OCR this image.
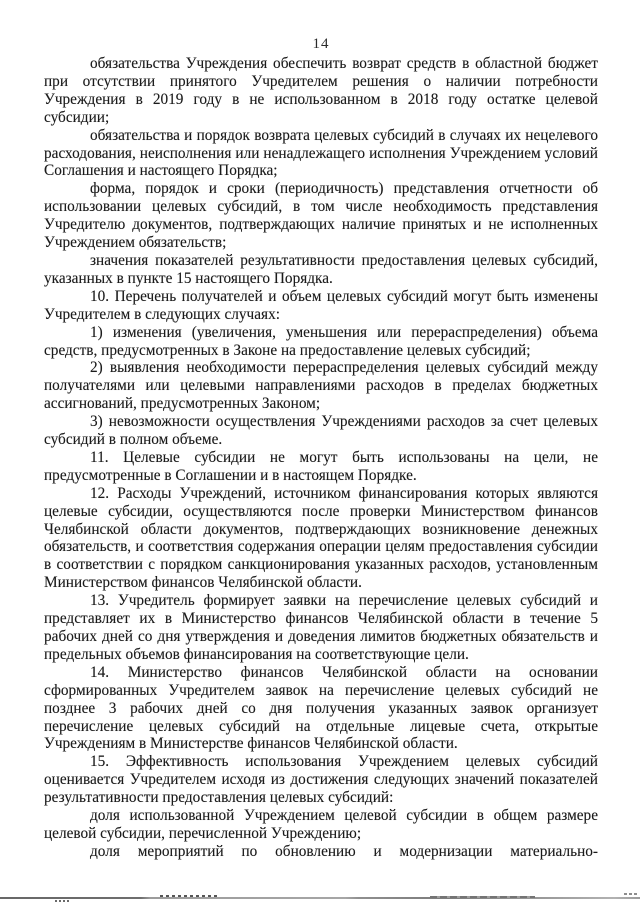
14

обязательства Учреждения обеспечить возврат средств в областной бюджет при отсутствии принятого Учредителем решения о наличии потребности Учреждения в 2019 году в не использованном в 2018 году остатке целевой субсидии;

обязательства и порядок возврата целевых субсидий в случаях их нецелевого расходования, неисполнения или ненадлежащего исполнения Учреждением условий Соглашения и настоящего Порядка;

форма, порядок и сроки (периодичность) представления отчетности об использовании целевых субсидий, в том числе необходимость представления Учредителю документов, подтверждающих наличие принятых и не исполненных Учреждением обязательств;

значения показателей результативности предоставления целевых субсидий, указанных в пункте 15 настоящего Порядка.

10. Перечень получателей и объем целевых субсидий могут быть изменены Учредителем в следующих случаях:

1) изменения (увеличения, уменьшения или перераспределения) объема средств, предусмотренных в Законе на предоставление целевых субсидий;

2) выявления необходимости перераспределения целевых субсидий между получателями или целевыми направлениями расходов в пределах бюджетных ассигнований, предусмотренных Законом;

3) невозможности осуществления Учреждениями расходов за счет целевых субсидий в полном объеме.

11. Целевые субсидии не могут быть использованы на цели, не предусмотренные в Соглашении и в настоящем Порядке.

12. Расходы Учреждений, источником финансирования которых являются целевые субсидии, осуществляются после проверки Министерством финансов Челябинской области документов, подтверждающих возникновение денежных обязательств, и соответствия содержания операции целям предоставления субсидии в соответствии с порядком санкционирования указанных расходов, установленным Министерством финансов Челябинской области.

13. Учредитель формирует заявки на перечисление целевых субсидий и представляет их в Министерство финансов Челябинской области в течение 5 рабочих дней со дня утверждения и доведения лимитов бюджетных обязательств и предельных объемов финансирования на соответствующие цели.

14. Министерство финансов Челябинской области на основании сформированных Учредителем заявок на перечисление целевых субсидий не позднее 3 рабочих дней со дня получения указанных заявок организует перечисление целевых субсидий на отдельные лицевые счета, открытые Учреждениям в Министерстве финансов Челябинской области.

15. Эффективность использования Учреждением целевых субсидий оценивается Учредителем исходя из достижения следующих значений показателей результативности предоставления целевых субсидий:

доля использованной Учреждением целевой субсидии в общем размере целевой субсидии, перечисленной Учреждению;

доля мероприятий по обновлению и модернизации материально-
